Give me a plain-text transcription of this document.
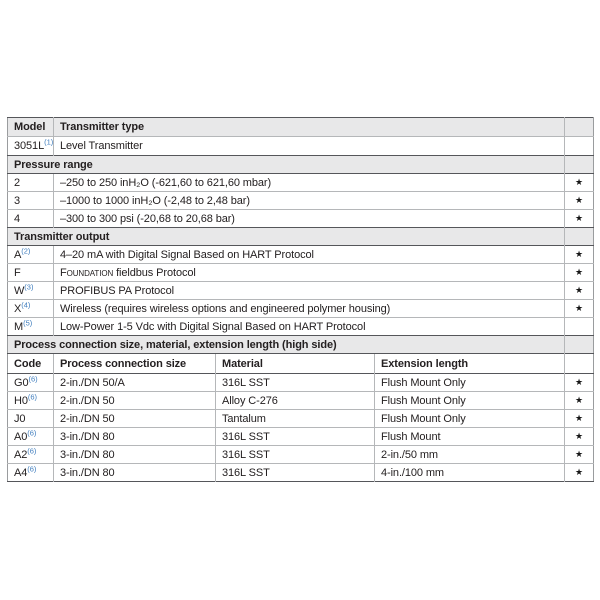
Model	Transmitter type			
3051L$^{(1)}$	Level Transmitter			
Pressure range				
2	–250 to 250 inH₂O (-621,60 to 621,60 mbar)			★
3	–1000 to 1000 inH₂O (-2,48 to 2,48 bar)			★
4	–300 to 300 psi (-20,68 to 20,68 bar)			★
Transmitter output				
A$^{(2)}$	4–20 mA with Digital Signal Based on HART Protocol			★
F	Foundation fieldbus Protocol			★
W$^{(3)}$	PROFIBUS PA Protocol			★
X$^{(4)}$	Wireless (requires wireless options and engineered polymer housing)			★
M$^{(5)}$	Low-Power 1-5 Vdc with Digital Signal Based on HART Protocol			
Process connection size, material, extension length (high side)				
Code	Process connection size	Material	Extension length	
G0$^{(6)}$	2-in./DN 50/A	316L SST	Flush Mount Only	★
H0$^{(6)}$	2-in./DN 50	Alloy C-276	Flush Mount Only	★
J0	2-in./DN 50	Tantalum	Flush Mount Only	★
A0$^{(6)}$	3-in./DN 80	316L SST	Flush Mount	★
A2$^{(6)}$	3-in./DN 80	316L SST	2-in./50 mm	★
A4$^{(6)}$	3-in./DN 80	316L SST	4-in./100 mm	★
